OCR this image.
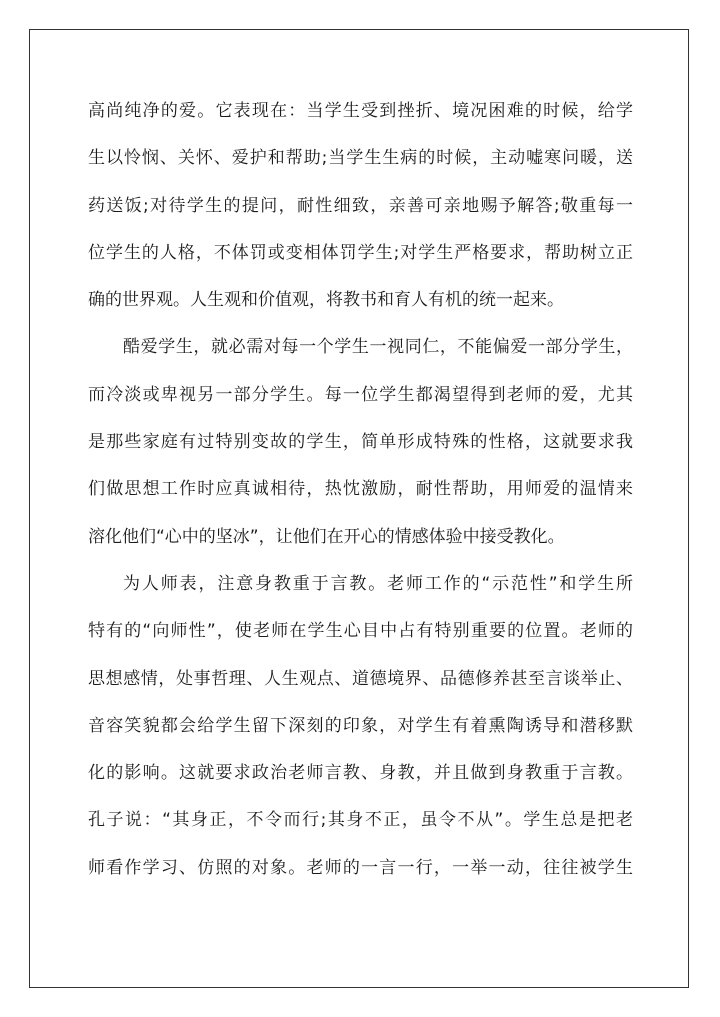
高尚纯净的爱。它表现在：当学生受到挫折、境况困难的时候，给学
生以怜悯、关怀、爱护和帮助;当学生生病的时候，主动嘘寒问暖，送
药送饭;对待学生的提问，耐性细致，亲善可亲地赐予解答;敬重每一
位学生的人格，不体罚或变相体罚学生;对学生严格要求，帮助树立正
确的世界观。人生观和价值观，将教书和育人有机的统一起来。
酷爱学生，就必需对每一个学生一视同仁，不能偏爱一部分学生，
而冷淡或卑视另一部分学生。每一位学生都渴望得到老师的爱，尤其
是那些家庭有过特别变故的学生，简单形成特殊的性格，这就要求我
们做思想工作时应真诚相待，热忱激励，耐性帮助，用师爱的温情来
溶化他们“心中的坚冰”，让他们在开心的情感体验中接受教化。
为人师表，注意身教重于言教。老师工作的“示范性”和学生所
特有的“向师性”，使老师在学生心目中占有特别重要的位置。老师的
思想感情，处事哲理、人生观点、道德境界、品德修养甚至言谈举止、
音容笑貌都会给学生留下深刻的印象，对学生有着熏陶诱导和潜移默
化的影响。这就要求政治老师言教、身教，并且做到身教重于言教。
孔子说：“其身正，不令而行;其身不正，虽令不从”。学生总是把老
师看作学习、仿照的对象。老师的一言一行，一举一动，往往被学生
